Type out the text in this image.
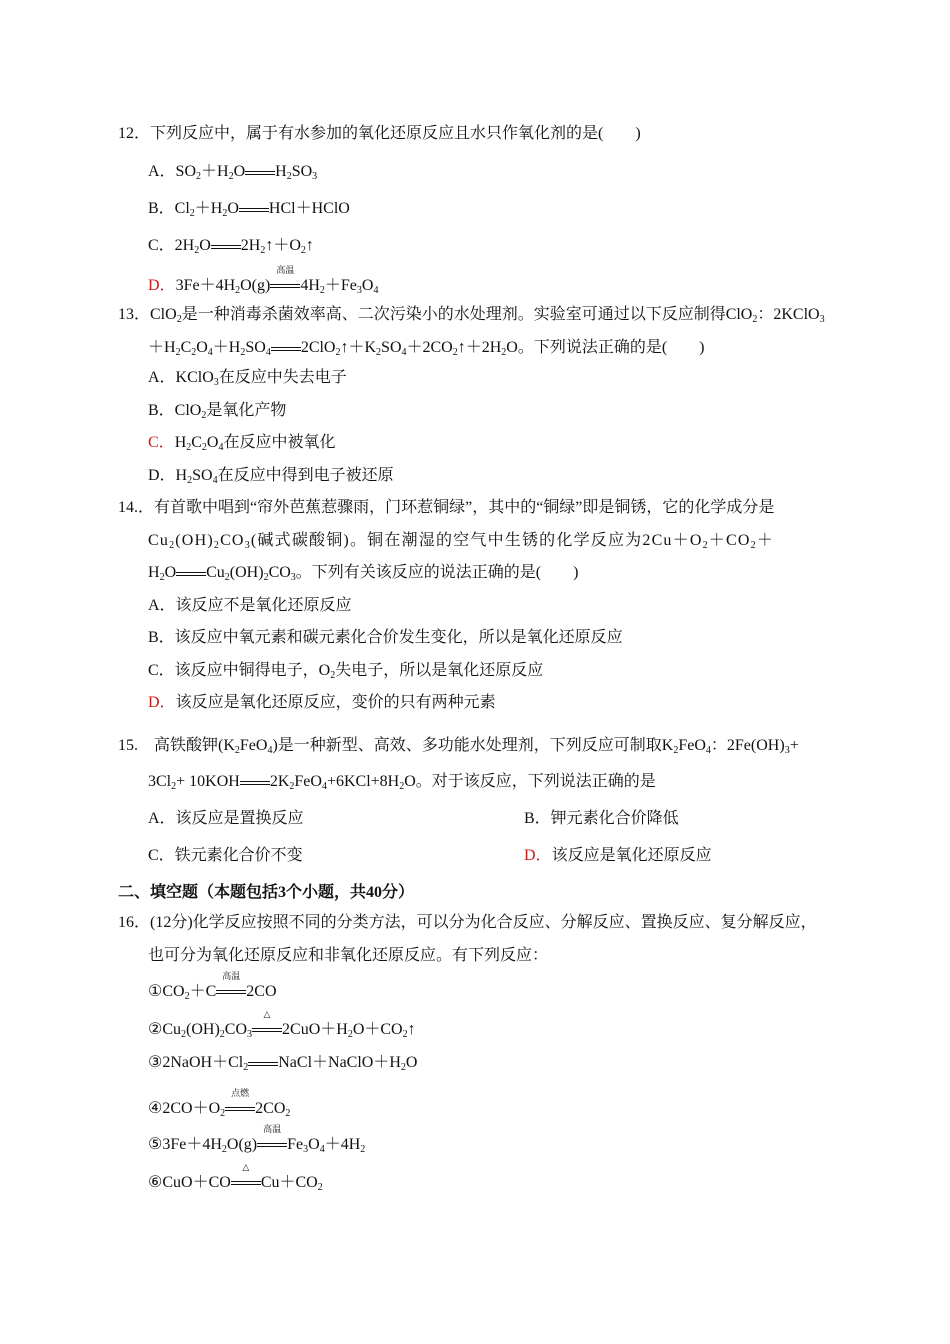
12．下列反应中，属于有水参加的氧化还原反应且水只作氧化剂的是(　　)
A．$SO_2+H_2O$ $H_2SO_3$
B．$Cl_2+H_2O$ HCl＋HClO
C．$2H_2O$ $2H_2↑+O_2↑$
D．$3Fe+4H_2O(g)$
高温
$4H_2+Fe_3O_4$
13．ClO$_2$是一种消毒杀菌效率高、二次污染小的水处理剂。实验室可通过以下反应制得ClO$_2$：2KClO$_3$
$+H_2C_2O_4+H_2SO_4$ $2ClO_2↑+K_2SO_4+2CO_2↑+2H_2O$。下列说法正确的是(　　)
A．KClO$_3$在反应中失去电子
B．ClO$_2$是氧化产物
C．$H_2C_2O_4$在反应中被氧化
D．$H_2SO_4$在反应中得到电子被还原
14.．有首歌中唱到“帘外芭蕉惹骤雨，门环惹铜绿”，其中的“铜绿”即是铜锈，它的化学成分是
$Cu_2(OH)_2CO_3$(碱式碳酸铜)。铜在潮湿的空气中生锈的化学反应为$2Cu+O_2+CO_2+$
$H_2O$ $Cu_2(OH)_2CO_3$。下列有关该反应的说法正确的是(　　)
A．该反应不是氧化还原反应
B．该反应中氧元素和碳元素化合价发生变化，所以是氧化还原反应
C．该反应中铜得电子，$O_2$失电子，所以是氧化还原反应
D．该反应是氧化还原反应，变价的只有两种元素
15.　高铁酸钾$(K_2FeO_4)$是一种新型、高效、多功能水处理剂，下列反应可制取$K_2FeO_4$：$2Fe(OH)_3+$
$3Cl_2+ 10KOH$ $2K_2FeO_4+6KCl+8H_2O$。对于该反应，下列说法正确的是
A．该反应是置换反应	B．钾元素化合价降低
C．铁元素化合价不变	D．该反应是氧化还原反应
二、填空题（本题包括3个小题，共40分）
16．(12分)化学反应按照不同的分类方法，可以分为化合反应、分解反应、置换反应、复分解反应，
也可分为氧化还原反应和非氧化还原反应。有下列反应：
$①CO_2+C$
高温
2CO
$②Cu_2(OH)_2CO_3$
△
$2CuO+H_2O+CO_2↑$
$③2NaOH+Cl_2$ $NaCl+NaClO+H_2O$
$④2CO+O_2$
点燃
$2CO_2$
$⑤3Fe+4H_2O(g)$
高温
$Fe_3O_4+4H_2$
⑥CuO＋CO
△
$Cu+CO_2$
